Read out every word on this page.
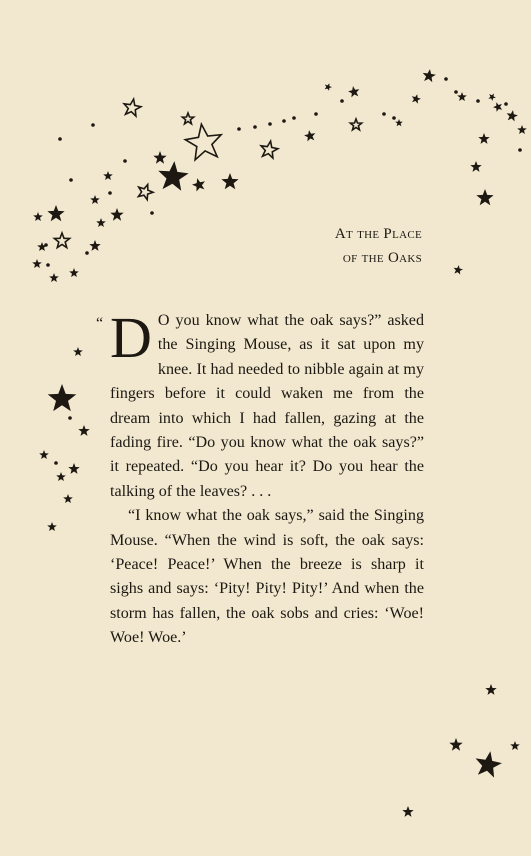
At the Place
of the Oaks

“ D O you know what the oak says?” asked the Singing Mouse, as it sat upon my knee. It had needed to nibble again at my fingers before it could waken me from the dream into which I had fallen, gazing at the fading fire. “Do you know what the oak says?” it repeated. “Do you hear it? Do you hear the talking of the leaves? . . .

“I know what the oak says,” said the Singing Mouse. “When the wind is soft, the oak says: ‘Peace! Peace!’ When the breeze is sharp it sighs and says: ‘Pity! Pity! Pity!’ And when the storm has fallen, the oak sobs and cries: ‘Woe! Woe! Woe.’
